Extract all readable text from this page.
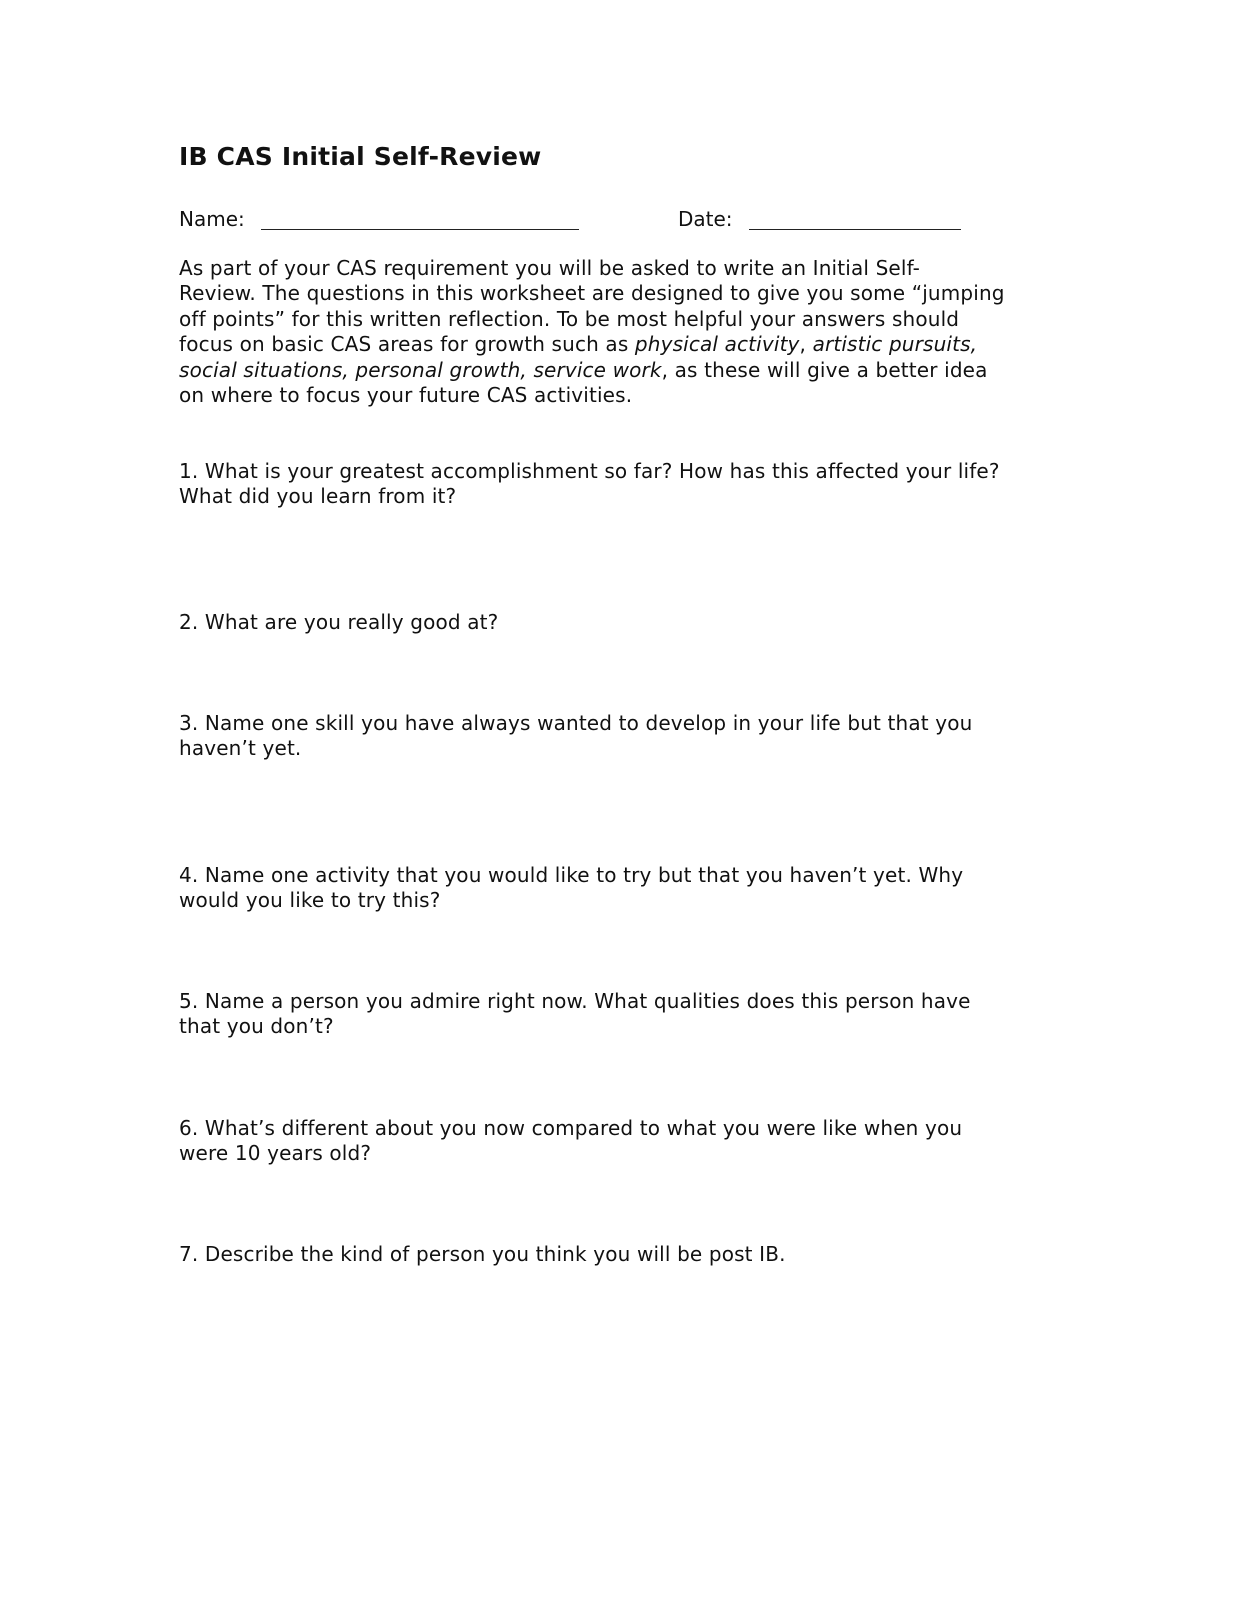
IB CAS Initial Self-Review
Name:	Date:
As part of your CAS requirement you will be asked to write an Initial Self-
Review. The questions in this worksheet are designed to give you some “jumping
off points” for this written reflection. To be most helpful your answers should
focus on basic CAS areas for growth such as physical activity, artistic pursuits,
social situations, personal growth, service work, as these will give a better idea
on where to focus your future CAS activities.
1. What is your greatest accomplishment so far? How has this affected your life?
What did you learn from it?
2. What are you really good at?
3. Name one skill you have always wanted to develop in your life but that you
haven’t yet.
4. Name one activity that you would like to try but that you haven’t yet. Why
would you like to try this?
5. Name a person you admire right now. What qualities does this person have
that you don’t?
6. What’s different about you now compared to what you were like when you
were 10 years old?
7. Describe the kind of person you think you will be post IB.
